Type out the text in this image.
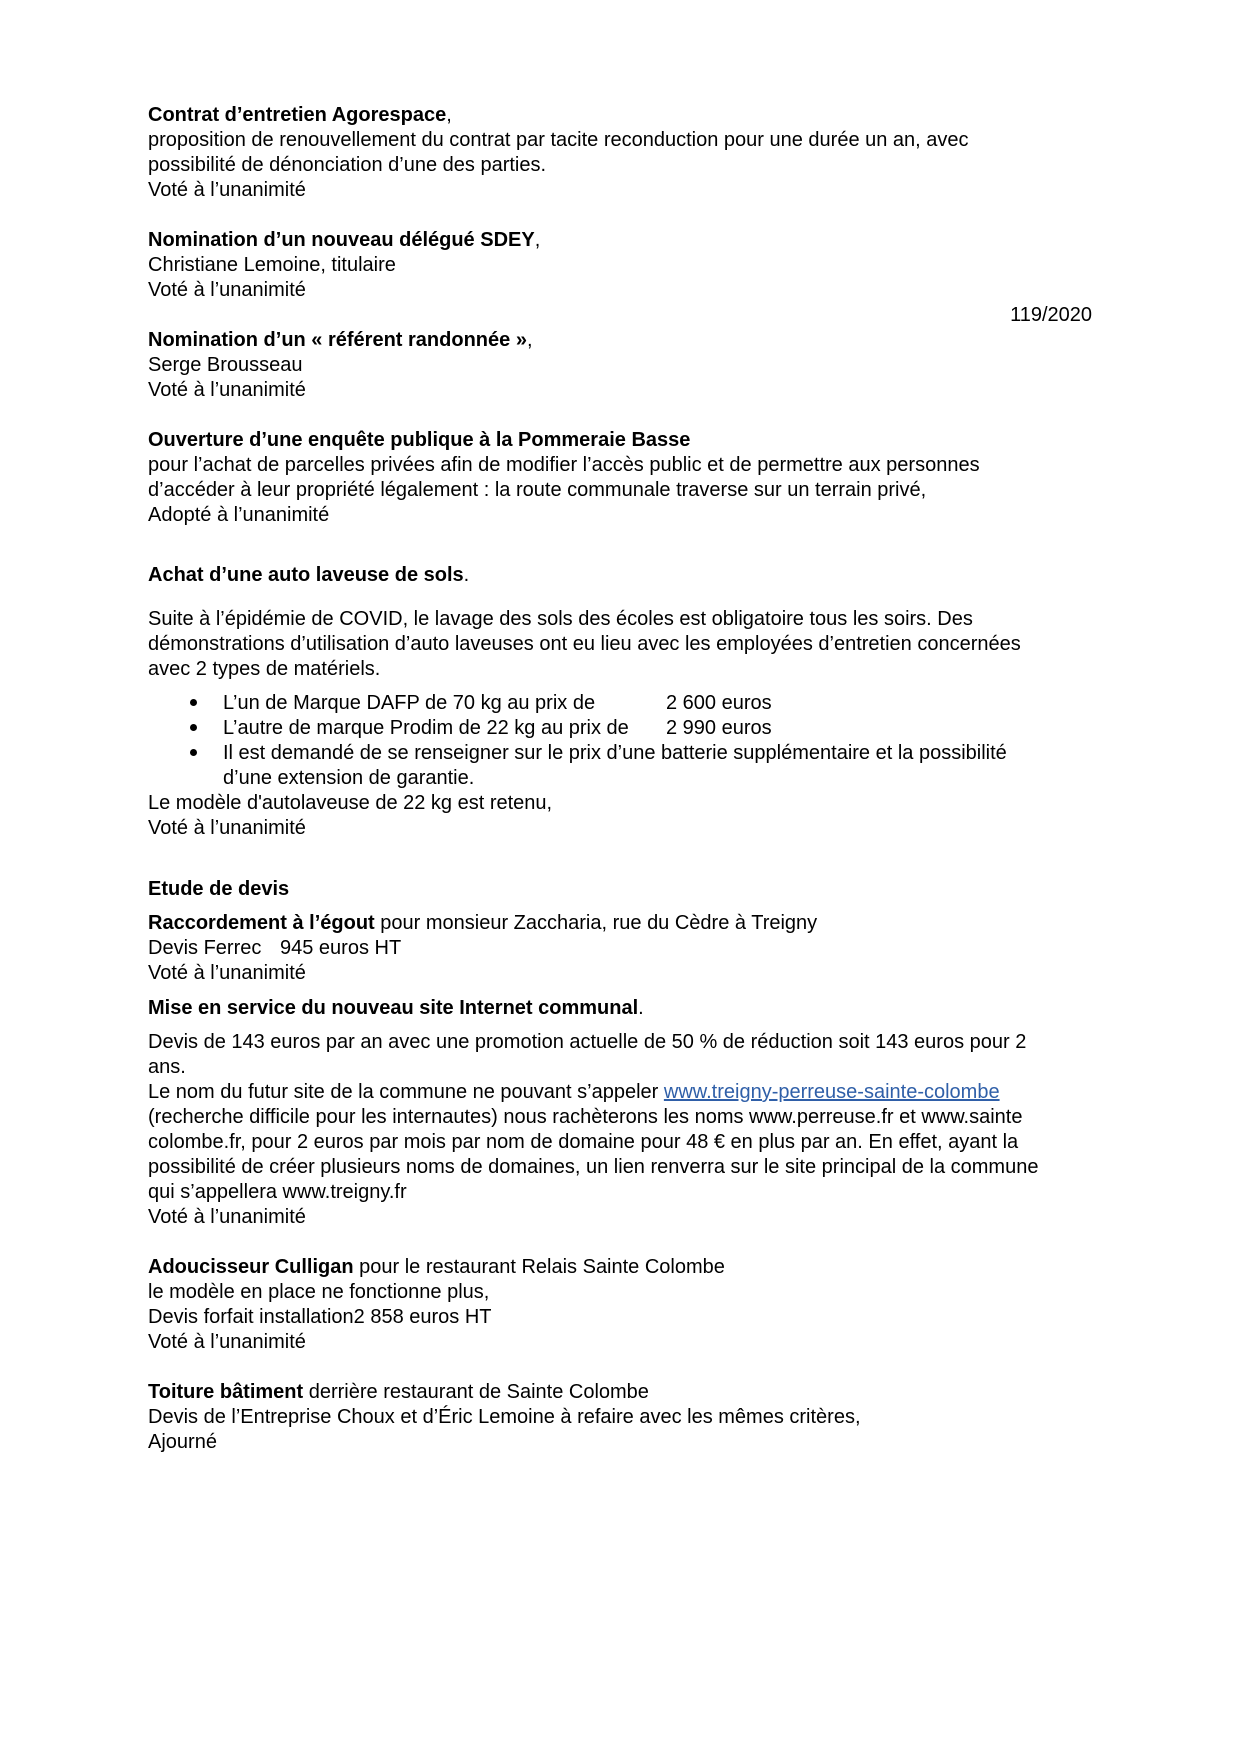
Contrat d’entretien Agorespace,
proposition de renouvellement du contrat par tacite reconduction pour une durée un an, avec
possibilité de dénonciation d’une des parties.
Voté à l’unanimité
Nomination d’un nouveau délégué SDEY,
Christiane Lemoine, titulaire
Voté à l’unanimité
119/2020
Nomination d’un « référent randonnée »,
Serge Brousseau
Voté à l’unanimité
Ouverture d’une enquête publique à la Pommeraie Basse
pour l’achat de parcelles privées afin de modifier l’accès public et de permettre aux personnes
d’accéder à leur propriété légalement : la route communale traverse sur un terrain privé,
Adopté à l’unanimité
Achat d’une auto laveuse de sols.
Suite à l’épidémie de COVID, le lavage des sols des écoles est obligatoire tous les soirs. Des
démonstrations d’utilisation d’auto laveuses ont eu lieu avec les employées d’entretien concernées
avec 2 types de matériels.
L’un de Marque DAFP de 70 kg au prix de	2 600 euros
L’autre de marque Prodim de 22 kg au prix de 2 990 euros
Il est demandé de se renseigner sur le prix d’une batterie supplémentaire et la possibilité
d’une extension de garantie.
Le modèle d'autolaveuse de 22 kg est retenu,
Voté à l’unanimité
Etude de devis
Raccordement à l’égout pour monsieur Zaccharia, rue du Cèdre à Treigny
Devis Ferrec 945 euros HT
Voté à l’unanimité
Mise en service du nouveau site Internet communal.
Devis de 143 euros par an avec une promotion actuelle de 50 % de réduction soit 143 euros pour 2
ans.
Le nom du futur site de la commune ne pouvant s’appeler www.treigny-perreuse-sainte-colombe
(recherche difficile pour les internautes) nous rachèterons les noms www.perreuse.fr et www.sainte
colombe.fr, pour 2 euros par mois par nom de domaine pour 48 € en plus par an. En effet, ayant la
possibilité de créer plusieurs noms de domaines, un lien renverra sur le site principal de la commune
qui s’appellera www.treigny.fr
Voté à l’unanimité
Adoucisseur Culligan pour le restaurant Relais Sainte Colombe
le modèle en place ne fonctionne plus,
Devis forfait installation2 858 euros HT
Voté à l’unanimité
Toiture bâtiment derrière restaurant de Sainte Colombe
Devis de l’Entreprise Choux et d’Éric Lemoine à refaire avec les mêmes critères,
Ajourné
